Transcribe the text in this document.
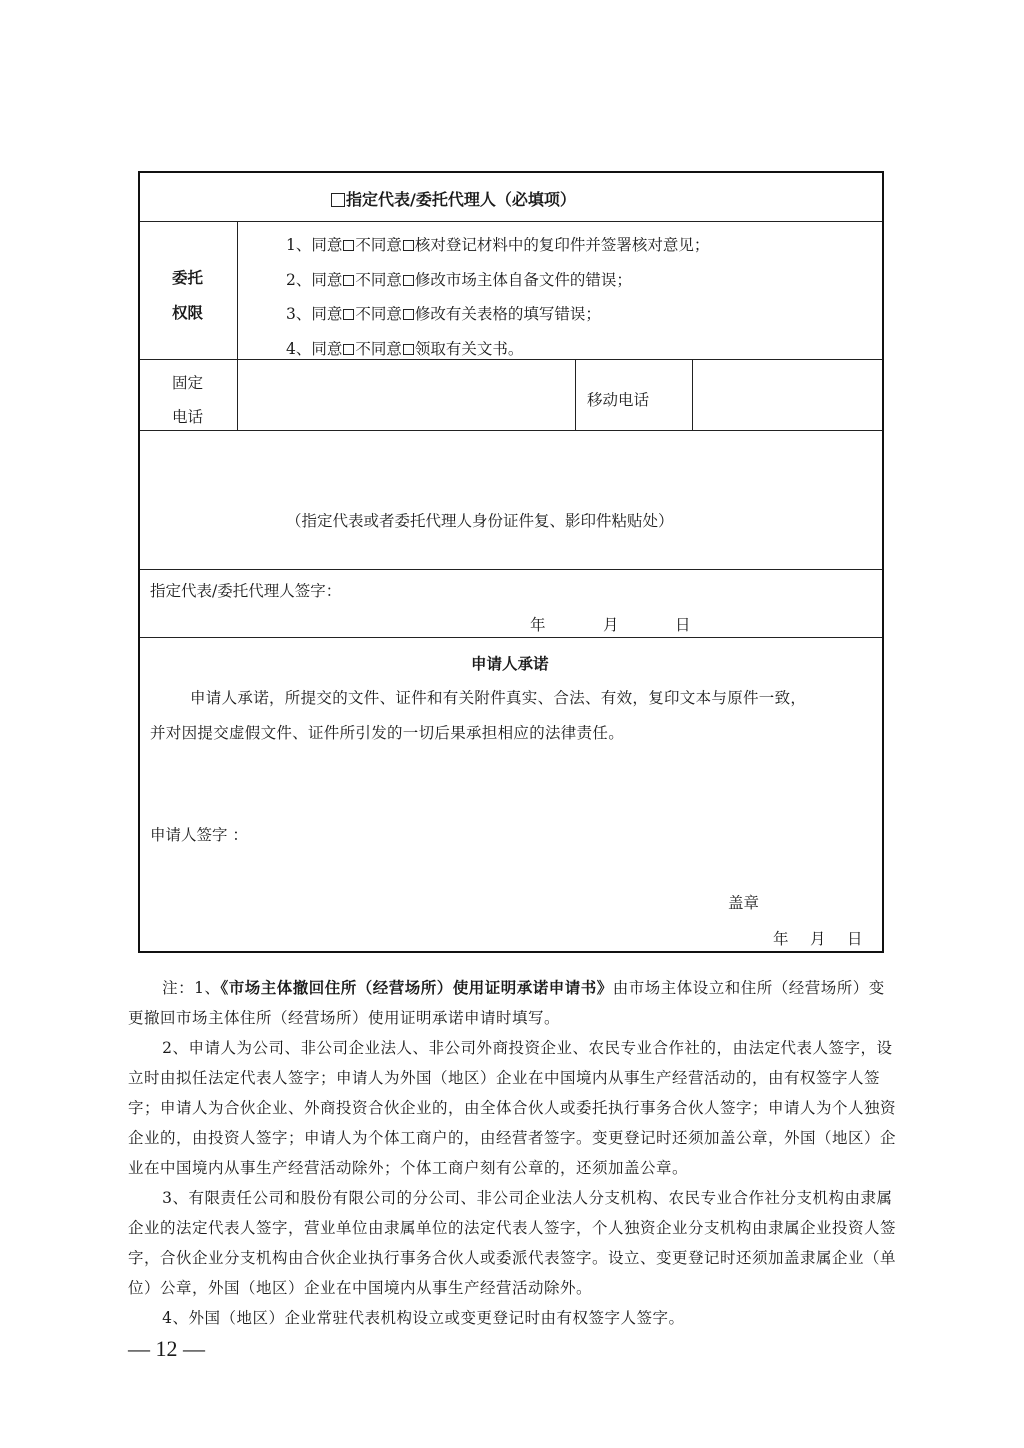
指定代表/委托代理人（必填项）
委托
权限
1、同意 不同意 核对登记材料中的复印件并签署核对意见；
2、同意 不同意 修改市场主体自备文件的错误；
3、同意 不同意 修改有关表格的填写错误；
4、同意 不同意 领取有关文书。
固定
电话
移动电话
（指定代表或者委托代理人身份证件复、影印件粘贴处）
指定代表/委托代理人签字：
年	月	日
申请人承诺
申请人承诺，所提交的文件、证件和有关附件真实、合法、有效，复印文本与原件一致，
并对因提交虚假文件、证件所引发的一切后果承担相应的法律责任。
申请人签字 ：
盖章
年 月 日

注：1、《市场主体撤回住所（经营场所）使用证明承诺申请书》由市场主体设立和住所（经营场所）变更撤回市场主体住所（经营场所）使用证明承诺申请时填写。

2、申请人为公司、非公司企业法人、非公司外商投资企业、农民专业合作社的，由法定代表人签字，设立时由拟任法定代表人签字；申请人为外国（地区）企业在中国境内从事生产经营活动的，由有权签字人签字；申请人为合伙企业、外商投资合伙企业的，由全体合伙人或委托执行事务合伙人签字；申请人为个人独资企业的，由投资人签字；申请人为个体工商户的，由经营者签字。变更登记时还须加盖公章，外国（地区）企业在中国境内从事生产经营活动除外；个体工商户刻有公章的，还须加盖公章。

3、有限责任公司和股份有限公司的分公司、非公司企业法人分支机构、农民专业合作社分支机构由隶属企业的法定代表人签字，营业单位由隶属单位的法定代表人签字，个人独资企业分支机构由隶属企业投资人签字，合伙企业分支机构由合伙企业执行事务合伙人或委派代表签字。设立、变更登记时还须加盖隶属企业（单位）公章，外国（地区）企业在中国境内从事生产经营活动除外。

4、外国（地区）企业常驻代表机构设立或变更登记时由有权签字人签字。

— 12 —
